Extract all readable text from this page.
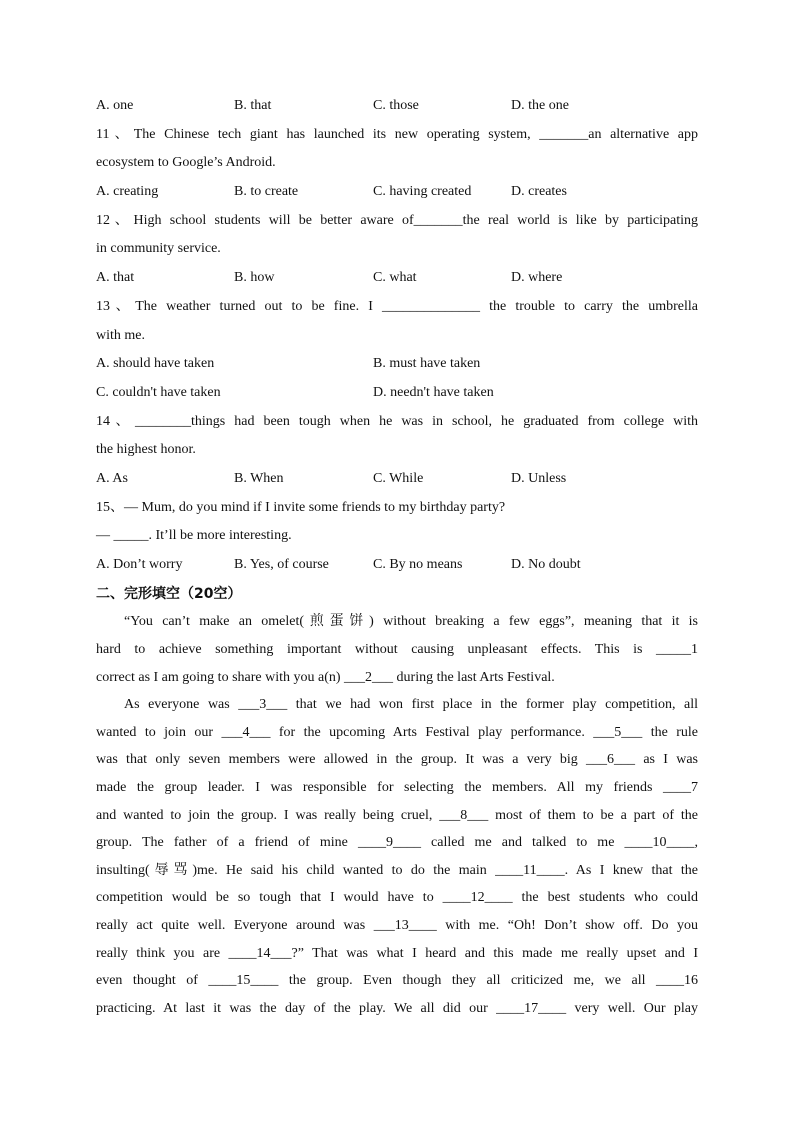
A. one	B. that	C. those	D. the one
11、The Chinese tech giant has launched its new operating system, _______an alternative app
ecosystem to Google’s Android.
A. creating	B. to create	C. having created	D. creates
12、High school students will be better aware of_______the real world is like by participating
in community service.
A. that	B. how	C. what	D. where
13、The weather turned out to be fine. I ______________ the trouble to carry the umbrella
with me.
A. should have taken	B. must have taken
C. couldn't have taken	D. needn't have taken
14、________things had been tough when he was in school, he graduated from college with
the highest honor.
A. As	B. When	C. While	D. Unless
15、— Mum, do you mind if I invite some friends to my birthday party?
— _____. It’ll be more interesting.
A. Don’t worry	B. Yes, of course	C. By no means	D. No doubt
二、完形填空（20空）
“You can’t make an omelet(煎蛋饼) without breaking a few eggs”, meaning that it is
hard to achieve something important without causing unpleasant effects. This is _____1
correct as I am going to share with you a(n) ___2___ during the last Arts Festival.
As everyone was ___3___ that we had won first place in the former play competition, all
wanted to join our ___4___ for the upcoming Arts Festival play performance. ___5___ the rule
was that only seven members were allowed in the group. It was a very big ___6___ as I was
made the group leader. I was responsible for selecting the members. All my friends ____7
and wanted to join the group. I was really being cruel, ___8___ most of them to be a part of the
group. The father of a friend of mine ____9____ called me and talked to me ____10____,
insulting(辱骂)me. He said his child wanted to do the main ____11____. As I knew that the
competition would be so tough that I would have to ____12____ the best students who could
really act quite well. Everyone around was ___13____ with me. “Oh! Don’t show off. Do you
really think you are ____14___?” That was what I heard and this made me really upset and I
even thought of ____15____ the group. Even though they all criticized me, we all ____16
practicing. At last it was the day of the play. We all did our ____17____ very well. Our play
